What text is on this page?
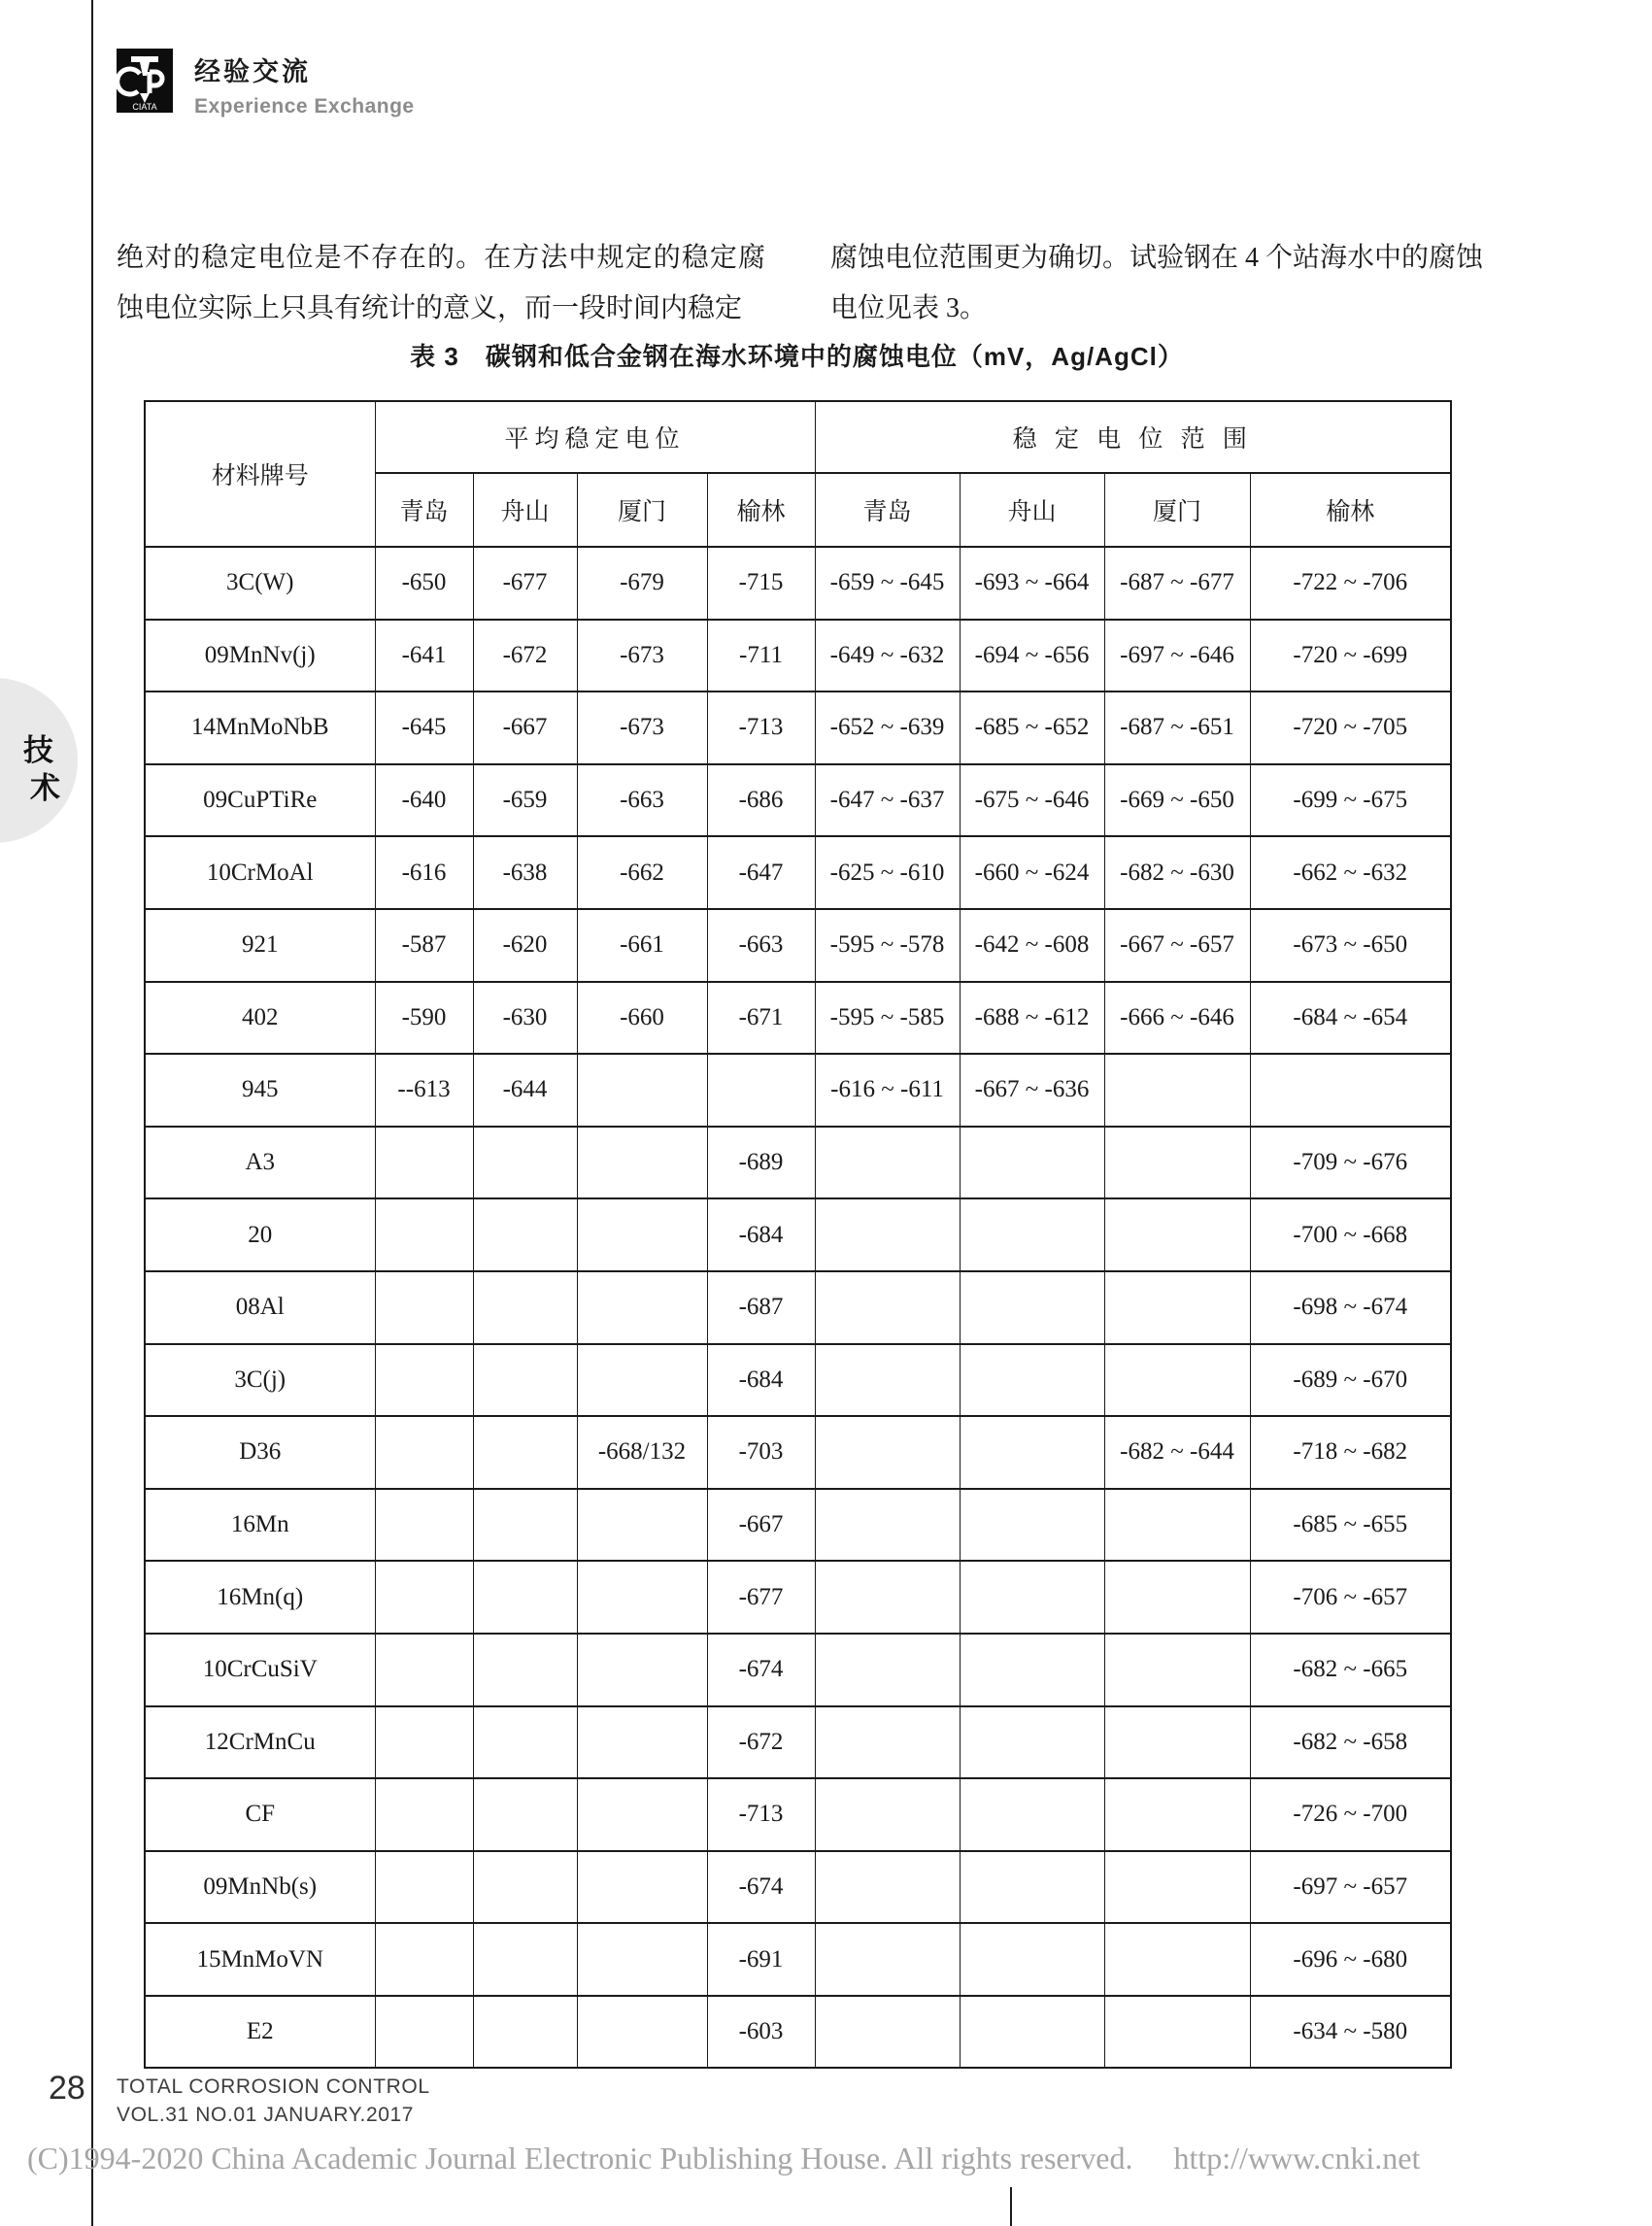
CIATA
经验交流
Experience Exchange
绝对的稳定电位是不存在的。在方法中规定的稳定腐蚀电位实际上只具有统计的意义，而一段时间内稳定
腐蚀电位范围更为确切。试验钢在 4 个站海水中的腐蚀电位见表 3。
表 3　碳钢和低合金钢在海水环境中的腐蚀电位（mV，Ag/AgCl）
材料牌号	平均稳定电位				稳 定 电 位 范 围			
	青岛	舟山	厦门	榆林	青岛	舟山	厦门	榆林
3C(W)	-650	-677	-679	-715	-659 ~ -645	-693 ~ -664	-687 ~ -677	-722 ~ -706
09MnNv(j)	-641	-672	-673	-711	-649 ~ -632	-694 ~ -656	-697 ~ -646	-720 ~ -699
14MnMoNbB	-645	-667	-673	-713	-652 ~ -639	-685 ~ -652	-687 ~ -651	-720 ~ -705
09CuPTiRe	-640	-659	-663	-686	-647 ~ -637	-675 ~ -646	-669 ~ -650	-699 ~ -675
10CrMoAl	-616	-638	-662	-647	-625 ~ -610	-660 ~ -624	-682 ~ -630	-662 ~ -632
921	-587	-620	-661	-663	-595 ~ -578	-642 ~ -608	-667 ~ -657	-673 ~ -650
402	-590	-630	-660	-671	-595 ~ -585	-688 ~ -612	-666 ~ -646	-684 ~ -654
945	--613	-644			-616 ~ -611	-667 ~ -636		
A3				-689				-709 ~ -676
20				-684				-700 ~ -668
08Al				-687				-698 ~ -674
3C(j)				-684				-689 ~ -670
D36			-668/132	-703			-682 ~ -644	-718 ~ -682
16Mn				-667				-685 ~ -655
16Mn(q)				-677				-706 ~ -657
10CrCuSiV				-674				-682 ~ -665
12CrMnCu				-672				-682 ~ -658
CF				-713				-726 ~ -700
09MnNb(s)				-674				-697 ~ -657
15MnMoVN				-691				-696 ~ -680
E2				-603				-634 ~ -580
技
术
28 TOTAL CORROSION CONTROL
VOL.31 NO.01 JANUARY.2017
(C)1994-2020 China Academic Journal Electronic Publishing House. All rights reserved. http://www.cnki.net
